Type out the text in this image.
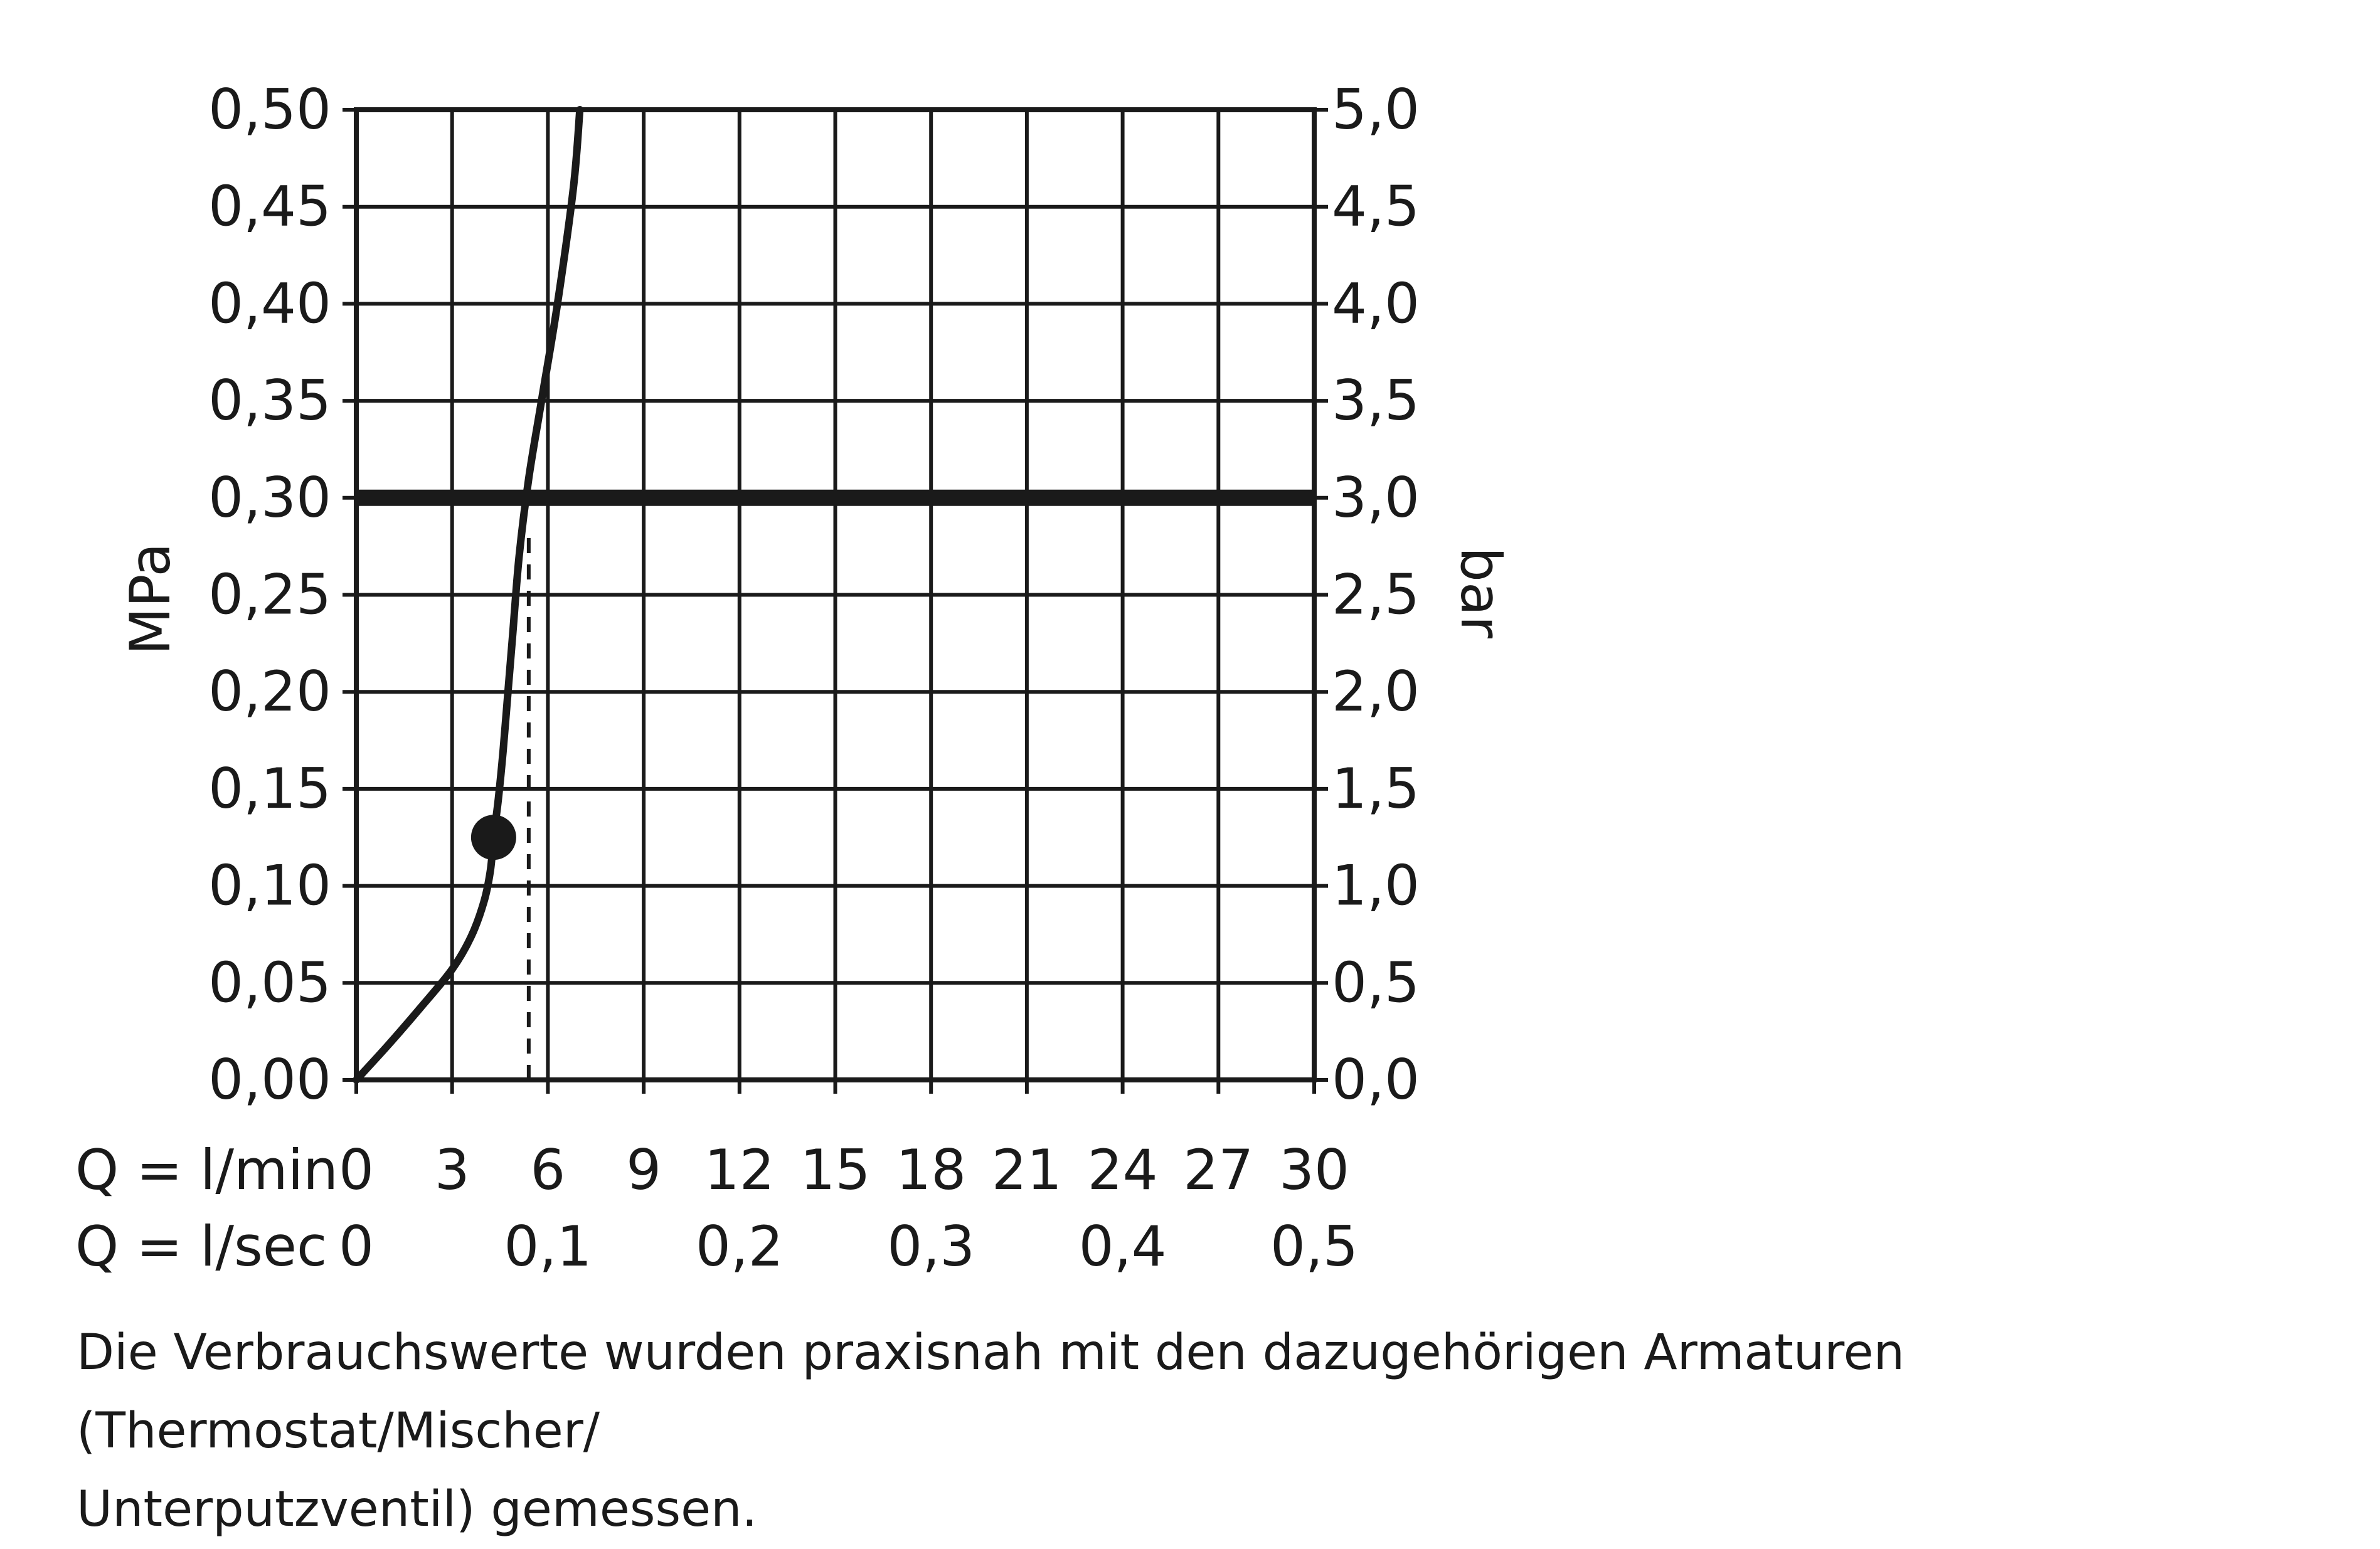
0,00
0,05
0,10
0,15
0,20
0,25
0,30
0,35
0,40
0,45
0,50
0,0
0,5
1,0
1,5
2,0
2,5
3,0
3,5
4,0
4,5
5,0
0 3 6 9 12 15 18 21 24 27 30
0 0,1 0,2 0,3 0,4 0,5
MPa	bar
Q = l/min
Q = l/sec
Die Verbrauchswerte wurden praxisnah mit den dazugehörigen Armaturen (Thermostat/Mischer/
Unterputzventil) gemessen.
